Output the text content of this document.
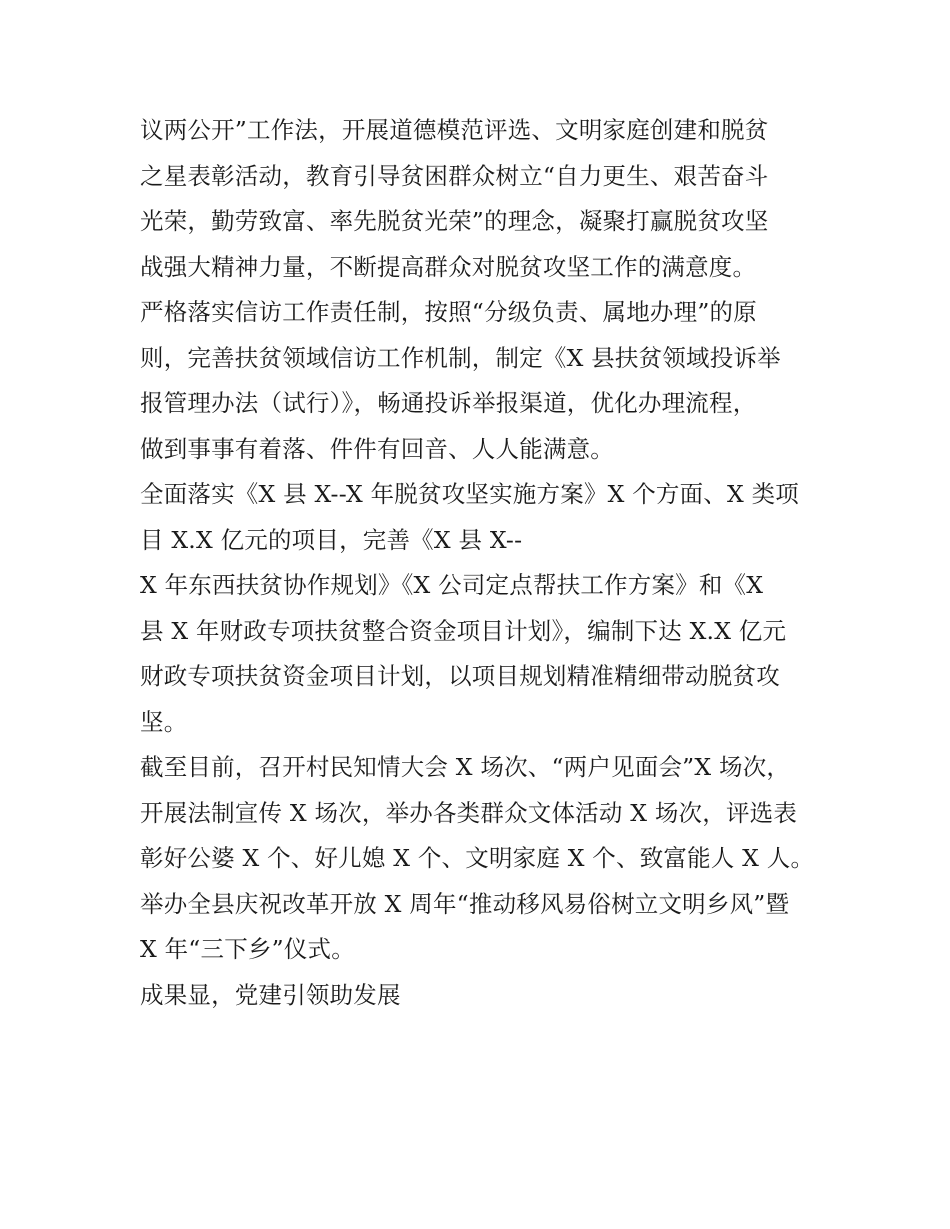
议两公开”工作法，开展道德模范评选、文明家庭创建和脱贫
之星表彰活动，教育引导贫困群众树立“自力更生、艰苦奋斗
光荣，勤劳致富、率先脱贫光荣”的理念，凝聚打赢脱贫攻坚
战强大精神力量，不断提高群众对脱贫攻坚工作的满意度。
严格落实信访工作责任制，按照“分级负责、属地办理”的原
则，完善扶贫领域信访工作机制，制定《X 县扶贫领域投诉举
报管理办法（试行）》，畅通投诉举报渠道，优化办理流程，
做到事事有着落、件件有回音、人人能满意。
全面落实《X 县 X--X 年脱贫攻坚实施方案》X 个方面、X 类项
目 X.X 亿元的项目，完善《X 县 X--
X 年东西扶贫协作规划》《X 公司定点帮扶工作方案》和《X
县 X 年财政专项扶贫整合资金项目计划》，编制下达 X.X 亿元
财政专项扶贫资金项目计划，以项目规划精准精细带动脱贫攻
坚。
截至目前，召开村民知情大会 X 场次、“两户见面会”X 场次，
开展法制宣传 X 场次，举办各类群众文体活动 X 场次，评选表
彰好公婆 X 个、好儿媳 X 个、文明家庭 X 个、致富能人 X 人。
举办全县庆祝改革开放 X 周年“推动移风易俗树立文明乡风”暨
X 年“三下乡”仪式。
成果显，党建引领助发展
